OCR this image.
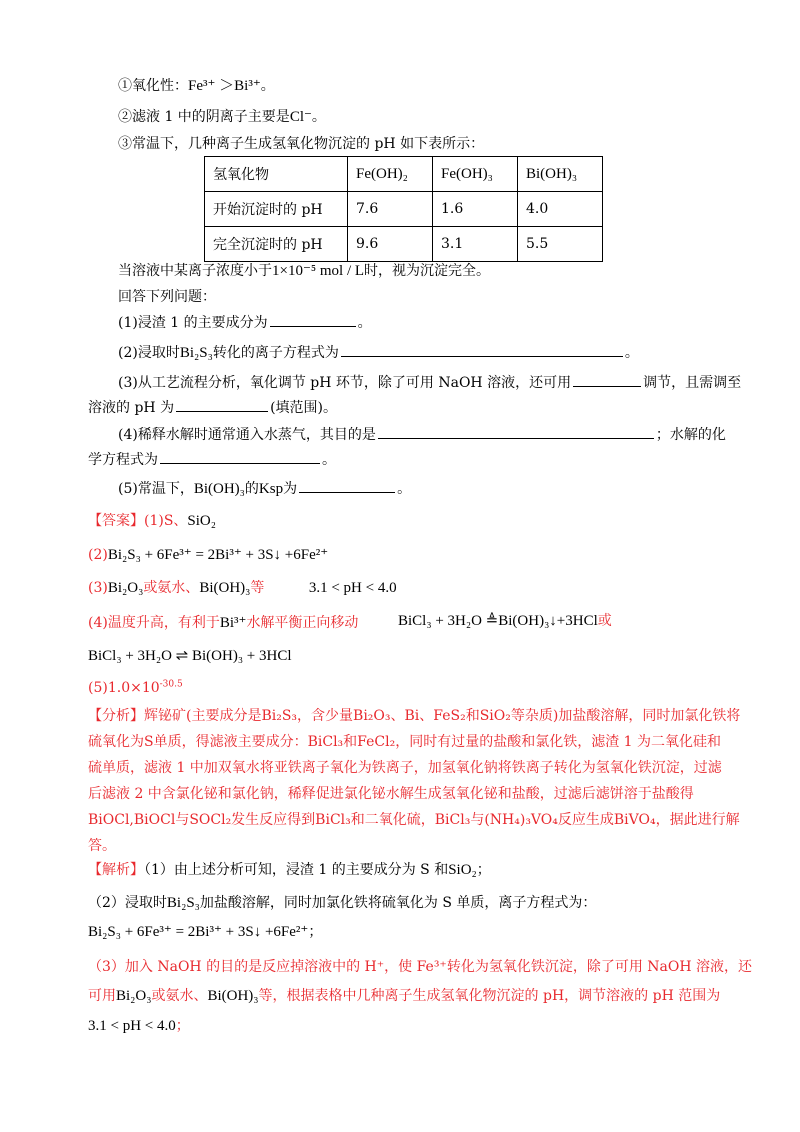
①氧化性：Fe³⁺ ＞Bi³⁺。
②滤液 1 中的阴离子主要是Cl⁻。
③常温下，几种离子生成氢氧化物沉淀的 pH 如下表所示：
氢氧化物	Fe(OH)₂	Fe(OH)₃	Bi(OH)₃
开始沉淀时的 pH	7.6	1.6	4.0
完全沉淀时的 pH	9.6	3.1	5.5
当溶液中某离子浓度小于1×10⁻⁵ mol / L时，视为沉淀完全。
回答下列问题：
(1)浸渣 1 的主要成分为	。
(2)浸取时Bi₂S₃转化的离子方程式为	。
(3)从工艺流程分析，氧化调节 pH 环节，除了可用 NaOH 溶液，还可用	调节，且需调至
溶液的 pH 为	(填范围)。
(4)稀释水解时通常通入水蒸气，其目的是	；水解的化
学方程式为	。
(5)常温下，Bi(OH)₃的Ksp为	。
【答案】(1)S、SiO₂
(2)Bi₂S₃ + 6Fe³⁺ = 2Bi³⁺ + 3S↓ +6Fe²⁺
(3)Bi₂O₃或氨水、Bi(OH)₃等	3.1 < pH < 4.0
(4)温度升高，有利于Bi³⁺水解平衡正向移动	BiCl₃ + 3H₂O ≜Bi(OH)₃↓+3HCl或
BiCl₃ + 3H₂O ⇌ Bi(OH)₃ + 3HCl
$(5)1.0\times 10^{-30.5}$
【分析】辉铋矿(主要成分是Bi₂S₃，含少量Bi₂O₃、Bi、FeS₂和SiO₂等杂质)加盐酸溶解，同时加氯化铁将
硫氧化为S单质，得滤液主要成分：BiCl₃和FeCl₂，同时有过量的盐酸和氯化铁，滤渣 1 为二氧化硅和
硫单质，滤液 1 中加双氧水将亚铁离子氧化为铁离子，加氢氧化钠将铁离子转化为氢氧化铁沉淀，过滤
后滤液 2 中含氯化铋和氯化钠，稀释促进氯化铋水解生成氢氧化铋和盐酸，过滤后滤饼溶于盐酸得
BiOCl,BiOCl与SOCl₂发生反应得到BiCl₃和二氧化硫，BiCl₃与(NH₄)₃VO₄反应生成BiVO₄，据此进行解
答。
【解析】（1）由上述分析可知，浸渣 1 的主要成分为 S 和SiO₂；
（2）浸取时Bi₂S₃加盐酸溶解，同时加氯化铁将硫氧化为 S 单质，离子方程式为：
Bi₂S₃ + 6Fe³⁺ = 2Bi³⁺ + 3S↓ +6Fe²⁺；
（3）加入 NaOH 的目的是反应掉溶液中的 H⁺，使 Fe³⁺转化为氢氧化铁沉淀，除了可用 NaOH 溶液，还
可用Bi₂O₃或氨水、Bi(OH)₃等，根据表格中几种离子生成氢氧化物沉淀的 pH，调节溶液的 pH 范围为
3.1 < pH < 4.0；
